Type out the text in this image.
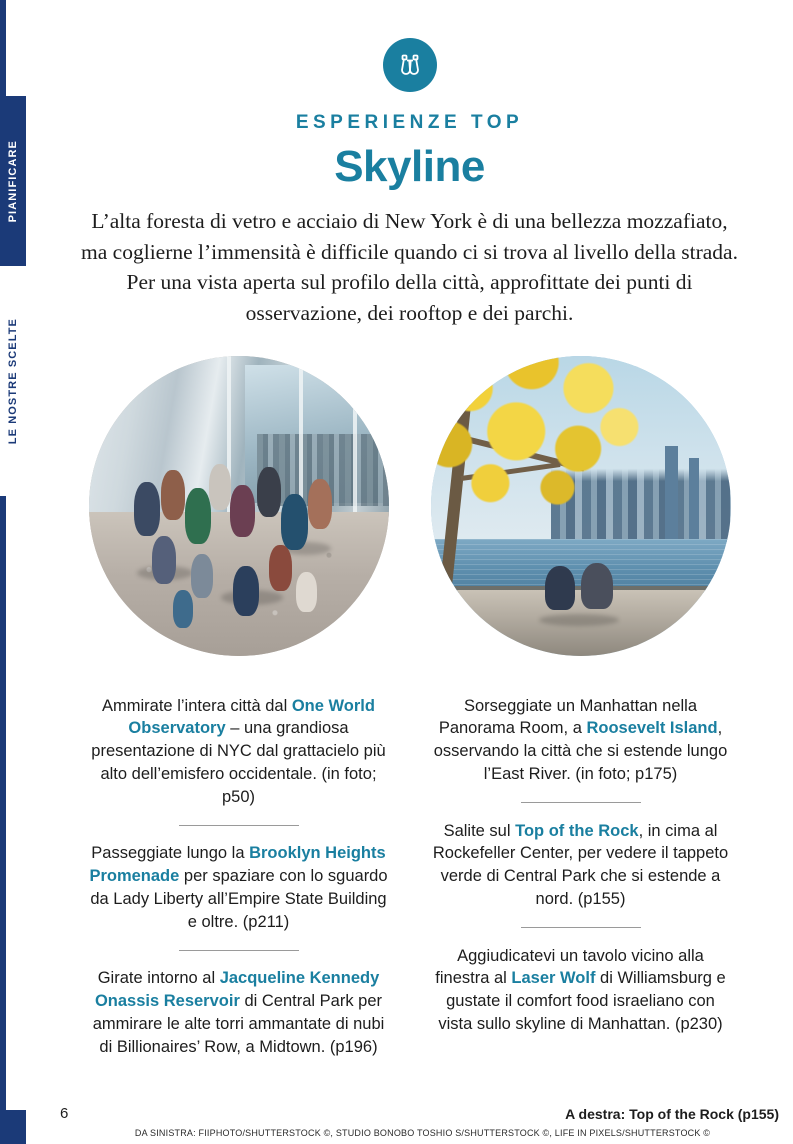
PIANIFICARE
LE NOSTRE SCELTE
ESPERIENZE TOP
Skyline
L’alta foresta di vetro e acciaio di New York è di una bellezza mozzafiato, ma coglierne l’immensità è difficile quando ci si trova al livello della strada. Per una vista aperta sul profilo della città, approfittate dei punti di osservazione, dei rooftop e dei parchi.

Ammirate l’intera città dal One World Observatory – una grandiosa presentazione di NYC dal grattacielo più alto dell’emisfero occidentale. (in foto; p50)

Passeggiate lungo la Brooklyn Heights Promenade per spaziare con lo sguardo da Lady Liberty all’Empire State Building e oltre. (p211)

Girate intorno al Jacqueline Kennedy Onassis Reservoir di Central Park per ammirare le alte torri ammantate di nubi di Billionaires’ Row, a Midtown. (p196)

Sorseggiate un Manhattan nella Panorama Room, a Roosevelt Island, osservando la città che si estende lungo l’East River. (in foto; p175)

Salite sul Top of the Rock, in cima al Rockefeller Center, per vedere il tappeto verde di Central Park che si estende a nord. (p155)

Aggiudicatevi un tavolo vicino alla finestra al Laser Wolf di Williamsburg e gustate il comfort food israeliano con vista sullo skyline di Manhattan. (p230)

6	A destra: Top of the Rock (p155)
DA SINISTRA: FIIPHOTO/SHUTTERSTOCK ©, STUDIO BONOBO TOSHIO S/SHUTTERSTOCK ©, LIFE IN PIXELS/SHUTTERSTOCK ©
